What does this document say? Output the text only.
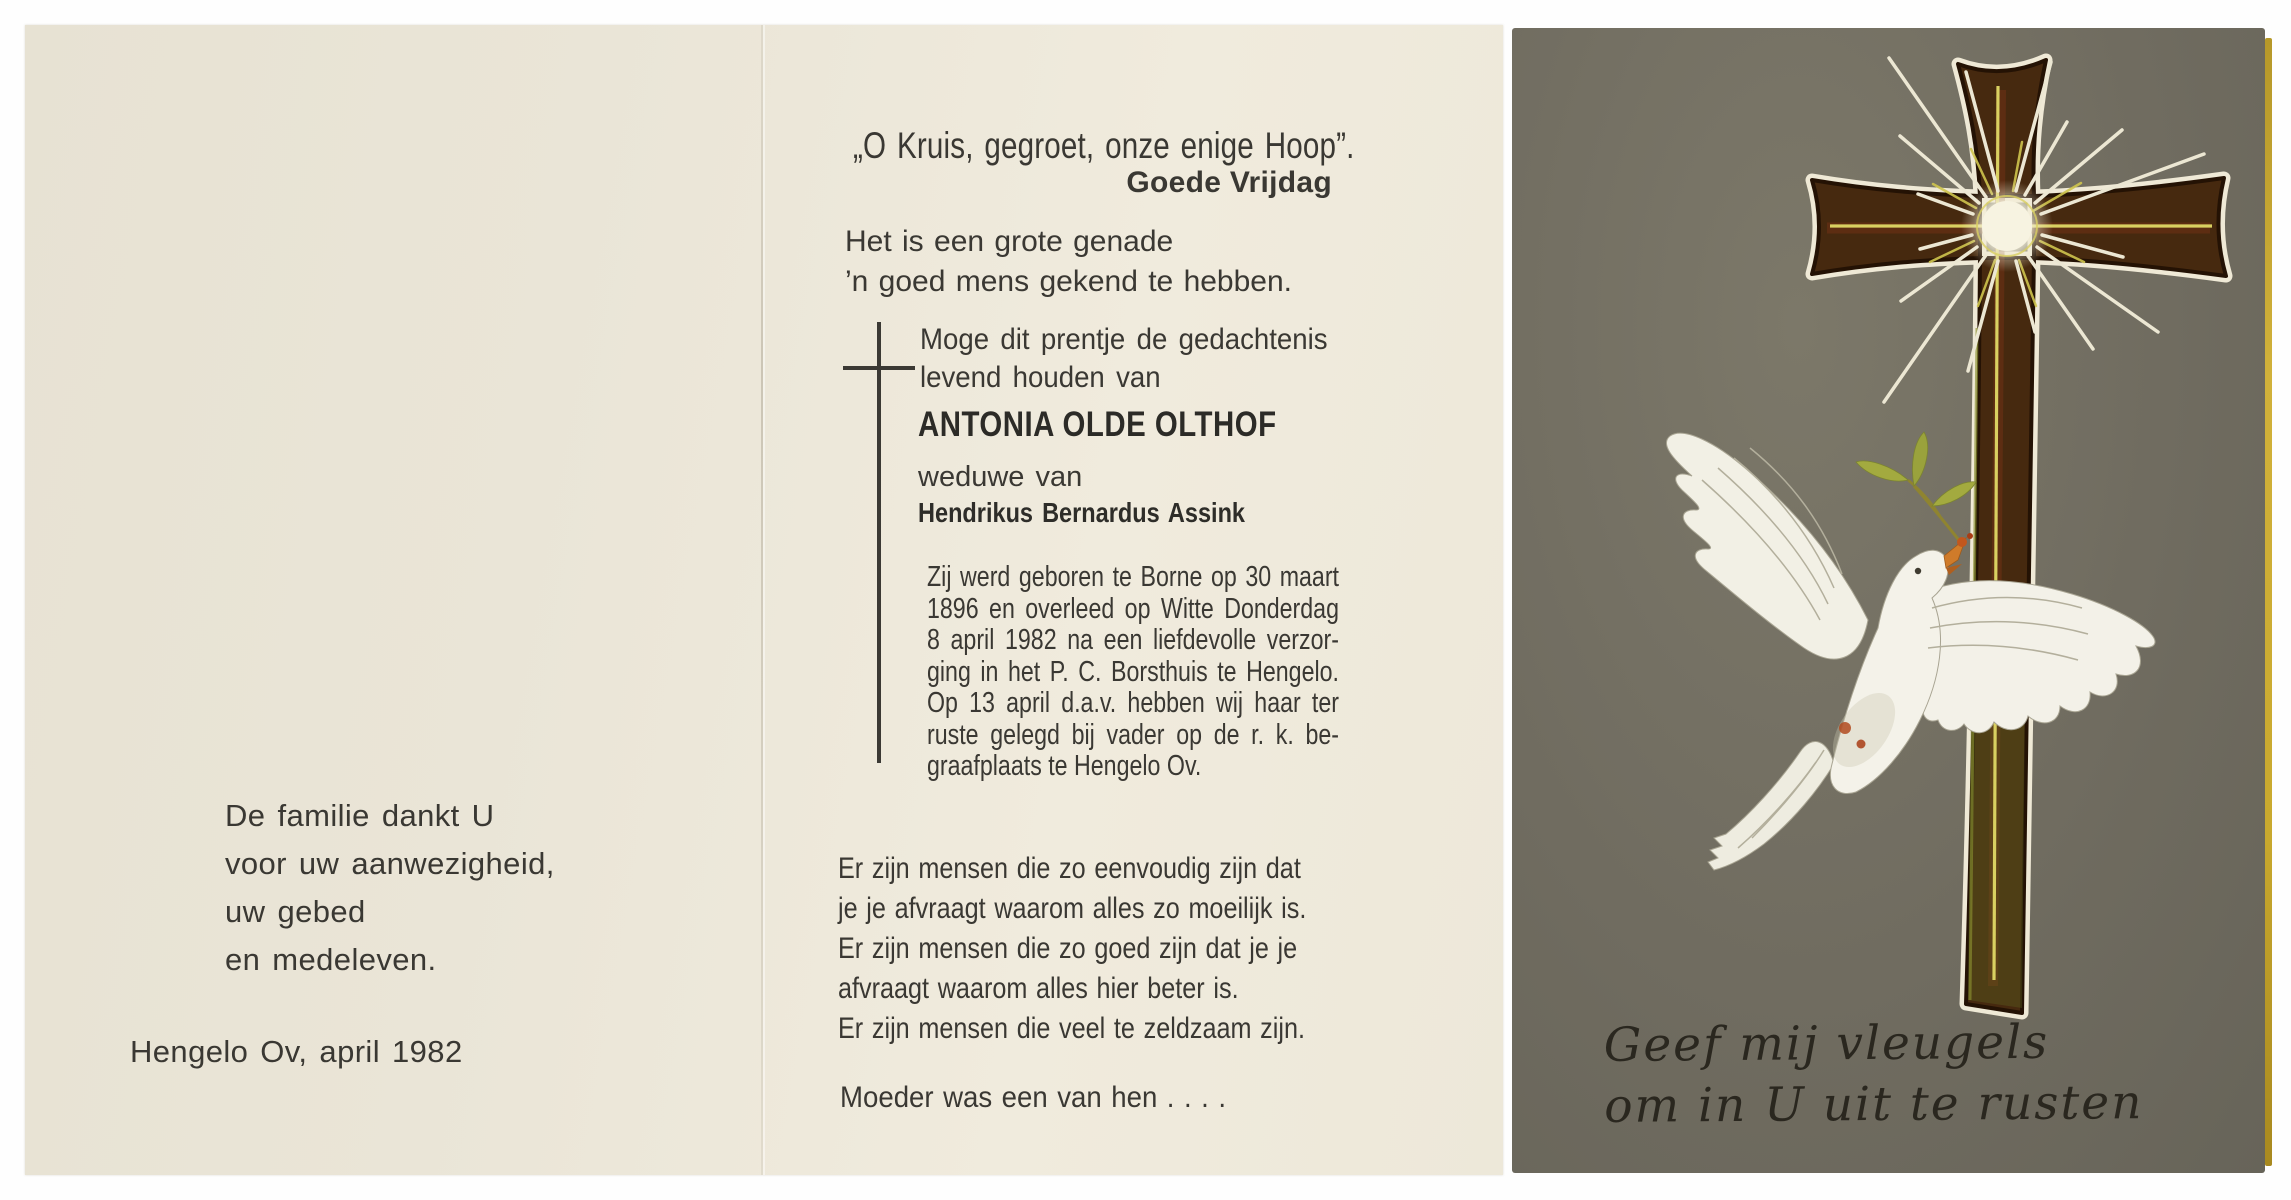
De familie dankt U
voor uw aanwezigheid,
uw gebed
en medeleven.
Hengelo Ov, april 1982
„O Kruis, gegroet, onze enige Hoop”.
Goede Vrijdag
Het is een grote genade
’n goed mens gekend te hebben.
Moge dit prentje de gedachtenis
levend houden van
ANTONIA OLDE OLTHOF
weduwe van
Hendrikus Bernardus Assink
Zij werd geboren te Borne op 30 maart
1896 en overleed op Witte Donderdag
8 april 1982 na een liefdevolle verzor-
ging in het P. C. Borsthuis te Hengelo.
Op 13 april d.a.v. hebben wij haar ter
ruste gelegd bij vader op de r. k. be-
graafplaats te Hengelo Ov.
Er zijn mensen die zo eenvoudig zijn dat
je je afvraagt waarom alles zo moeilijk is.
Er zijn mensen die zo goed zijn dat je je
afvraagt waarom alles hier beter is.
Er zijn mensen die veel te zeldzaam zijn.
Moeder was een van hen . . . .
Geef mij vleugels
om in U uit te rusten
